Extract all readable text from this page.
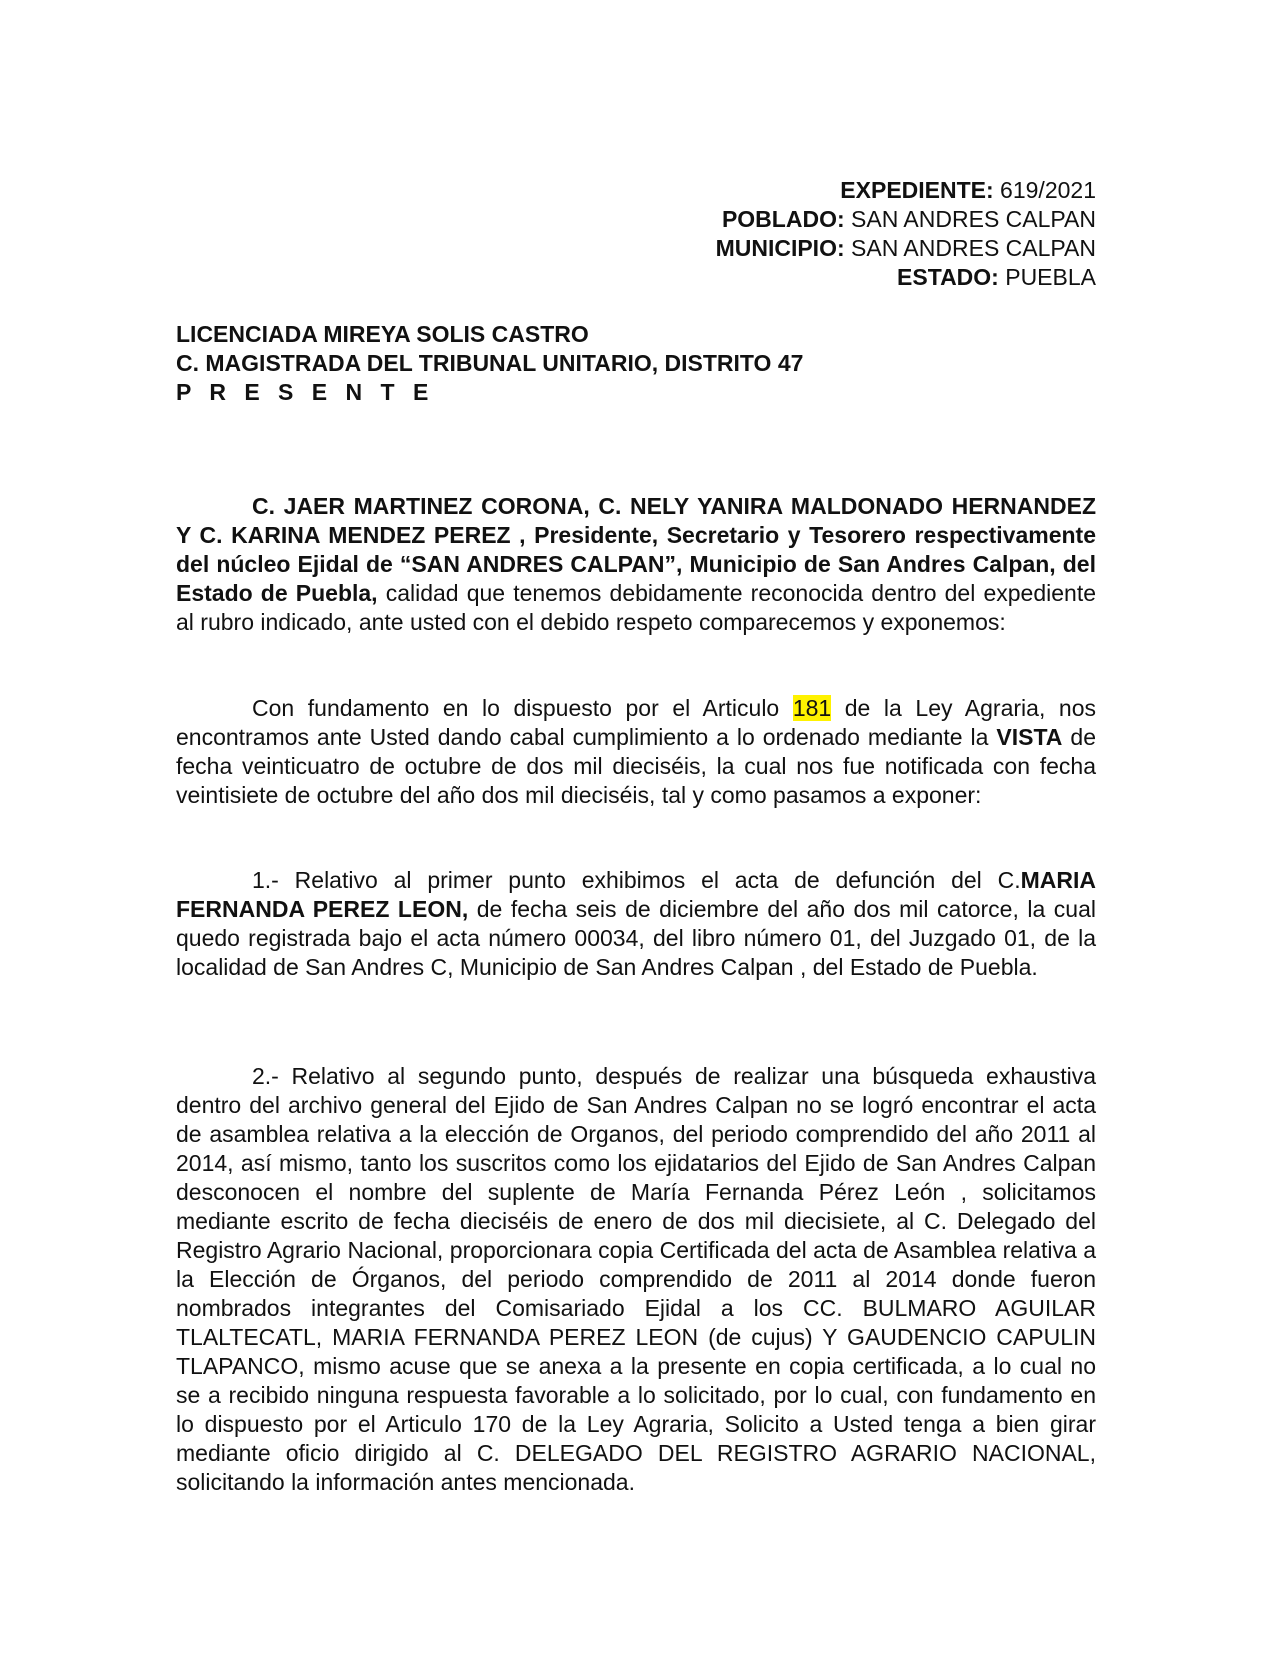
EXPEDIENTE: 619/2021
POBLADO: SAN ANDRES CALPAN
MUNICIPIO: SAN ANDRES CALPAN
ESTADO: PUEBLA
LICENCIADA MIREYA SOLIS CASTRO
C. MAGISTRADA DEL TRIBUNAL UNITARIO, DISTRITO 47
P R E S E N T E

C. JAER MARTINEZ CORONA, C. NELY YANIRA MALDONADO HERNANDEZ Y C. KARINA MENDEZ PEREZ , Presidente, Secretario y Tesorero respectivamente del núcleo Ejidal de “SAN ANDRES CALPAN”, Municipio de San Andres Calpan, del Estado de Puebla, calidad que tenemos debidamente reconocida dentro del expediente al rubro indicado, ante usted con el debido respeto comparecemos y exponemos:

Con fundamento en lo dispuesto por el Articulo 181 de la Ley Agraria, nos encontramos ante Usted dando cabal cumplimiento a lo ordenado mediante la VISTA de fecha veinticuatro de octubre de dos mil dieciséis, la cual nos fue notificada con fecha veintisiete de octubre del año dos mil dieciséis, tal y como pasamos a exponer:

1.- Relativo al primer punto exhibimos el acta de defunción del C.MARIA FERNANDA PEREZ LEON, de fecha seis de diciembre del año dos mil catorce, la cual quedo registrada bajo el acta número 00034, del libro número 01, del Juzgado 01, de la localidad de San Andres C, Municipio de San Andres Calpan , del Estado de Puebla.

2.- Relativo al segundo punto, después de realizar una búsqueda exhaustiva dentro del archivo general del Ejido de San Andres Calpan no se logró encontrar el acta de asamblea relativa a la elección de Organos, del periodo comprendido del año 2011 al 2014, así mismo, tanto los suscritos como los ejidatarios del Ejido de San Andres Calpan desconocen el nombre del suplente de María Fernanda Pérez León , solicitamos mediante escrito de fecha dieciséis de enero de dos mil diecisiete, al C. Delegado del Registro Agrario Nacional, proporcionara copia Certificada del acta de Asamblea relativa a la Elección de Órganos, del periodo comprendido de 2011 al 2014 donde fueron nombrados integrantes del Comisariado Ejidal a los CC. BULMARO AGUILAR TLALTECATL, MARIA FERNANDA PEREZ LEON (de cujus) Y GAUDENCIO CAPULIN TLAPANCO, mismo acuse que se anexa a la presente en copia certificada, a lo cual no se a recibido ninguna respuesta favorable a lo solicitado, por lo cual, con fundamento en lo dispuesto por el Articulo 170 de la Ley Agraria, Solicito a Usted tenga a bien girar mediante oficio dirigido al C. DELEGADO DEL REGISTRO AGRARIO NACIONAL, solicitando la información antes mencionada.
